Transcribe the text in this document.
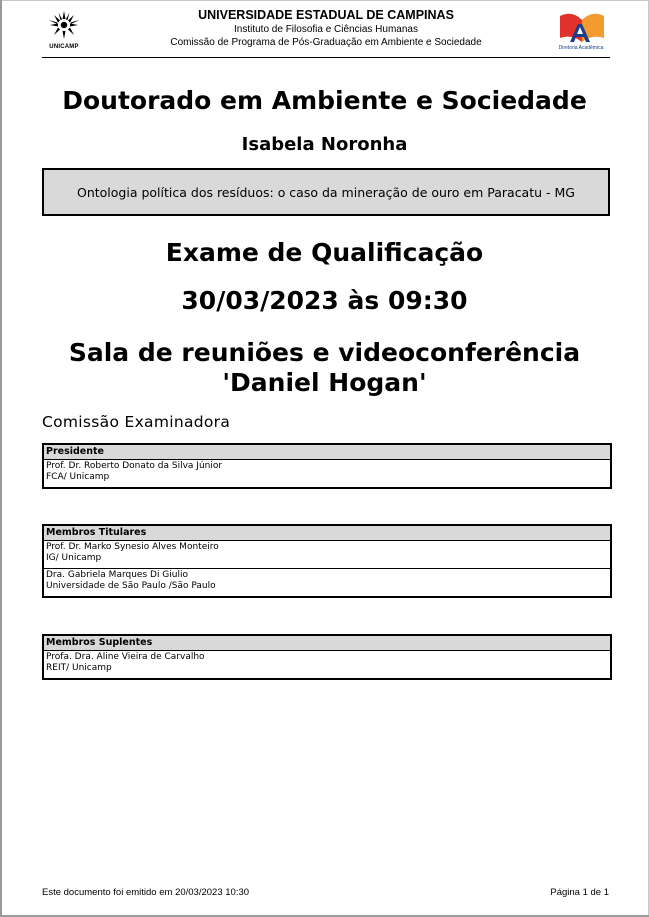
UNICAMP
UNIVERSIDADE ESTADUAL DE CAMPINAS
Instituto de Filosofia e Ciências Humanas
Comissão de Programa de Pós-Graduação em Ambiente e Sociedade	Diretoria Acadêmica
Doutorado em Ambiente e Sociedade
Isabela Noronha
Ontologia política dos resíduos: o caso da mineração de ouro em Paracatu - MG
Exame de Qualificação
30/03/2023 às 09:30
Sala de reuniões e videoconferência
'Daniel Hogan'
Comissão Examinadora
Presidente
Prof. Dr. Roberto Donato da Silva Júnior
FCA/ Unicamp
Membros Titulares
Prof. Dr. Marko Synesio Alves Monteiro
IG/ Unicamp
Dra. Gabriela Marques Di Giulio
Universidade de São Paulo /São Paulo
Membros Suplentes
Profa. Dra. Aline Vieira de Carvalho
REIT/ Unicamp
Este documento foi emitido em 20/03/2023 10:30	Página 1 de 1
